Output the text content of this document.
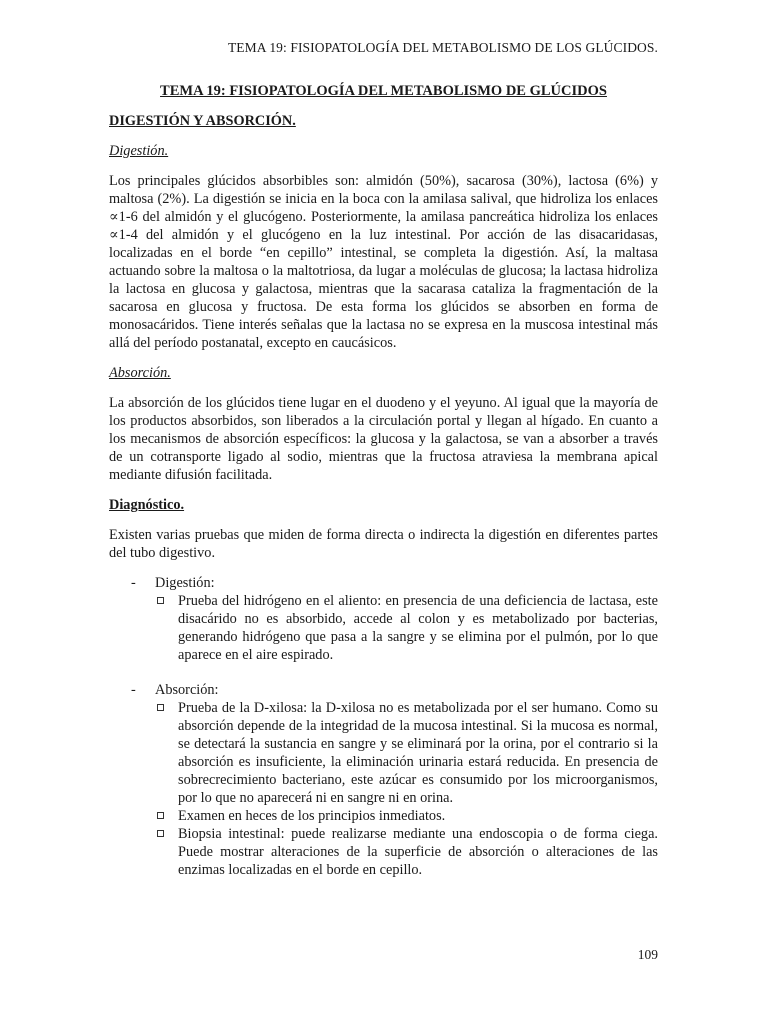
TEMA 19: FISIOPATOLOGÍA DEL METABOLISMO DE LOS GLÚCIDOS.

TEMA 19: FISIOPATOLOGÍA DEL METABOLISMO DE GLÚCIDOS

DIGESTIÓN Y ABSORCIÓN.

Digestión.

Los principales glúcidos absorbibles son: almidón (50%), sacarosa (30%), lactosa (6%) y maltosa (2%). La digestión se inicia en la boca con la amilasa salival, que hidroliza los enlaces ∝1-6 del almidón y el glucógeno. Posteriormente, la amilasa pancreática hidroliza los enlaces ∝1-4 del almidón y el glucógeno en la luz intestinal. Por acción de las disacaridasas, localizadas en el borde “en cepillo” intestinal, se completa la digestión. Así, la maltasa actuando sobre la maltosa o la maltotriosa, da lugar a moléculas de glucosa; la lactasa hidroliza la lactosa en glucosa y galactosa, mientras que la sacarasa cataliza la fragmentación de la sacarosa en glucosa y fructosa. De esta forma los glúcidos se absorben en forma de monosacáridos. Tiene interés señalas que la lactasa no se expresa en la muscosa intestinal más allá del período postanatal, excepto en caucásicos.

Absorción.

La absorción de los glúcidos tiene lugar en el duodeno y el yeyuno. Al igual que la mayoría de los productos absorbidos, son liberados a la circulación portal y llegan al hígado. En cuanto a los mecanismos de absorción específicos: la glucosa y la galactosa, se van a absorber a través de un cotransporte ligado al sodio, mientras que la fructosa atraviesa la membrana apical mediante difusión facilitada.

Diagnóstico.

Existen varias pruebas que miden de forma directa o indirecta la digestión en diferentes partes del tubo digestivo.

- Digestión:

Prueba del hidrógeno en el aliento: en presencia de una deficiencia de lactasa, este disacárido no es absorbido, accede al colon y es metabolizado por bacterias, generando hidrógeno que pasa a la sangre y se elimina por el pulmón, por lo que aparece en el aire espirado.

- Absorción:

Prueba de la D-xilosa: la D-xilosa no es metabolizada por el ser humano. Como su absorción depende de la integridad de la mucosa intestinal. Si la mucosa es normal, se detectará la sustancia en sangre y se eliminará por la orina, por el contrario si la absorción es insuficiente, la eliminación urinaria estará reducida. En presencia de sobrecrecimiento bacteriano, este azúcar es consumido por los microorganismos, por lo que no aparecerá ni en sangre ni en orina.
Examen en heces de los principios inmediatos.
Biopsia intestinal: puede realizarse mediante una endoscopia o de forma ciega. Puede mostrar alteraciones de la superficie de absorción o alteraciones de las enzimas localizadas en el borde en cepillo.
109
